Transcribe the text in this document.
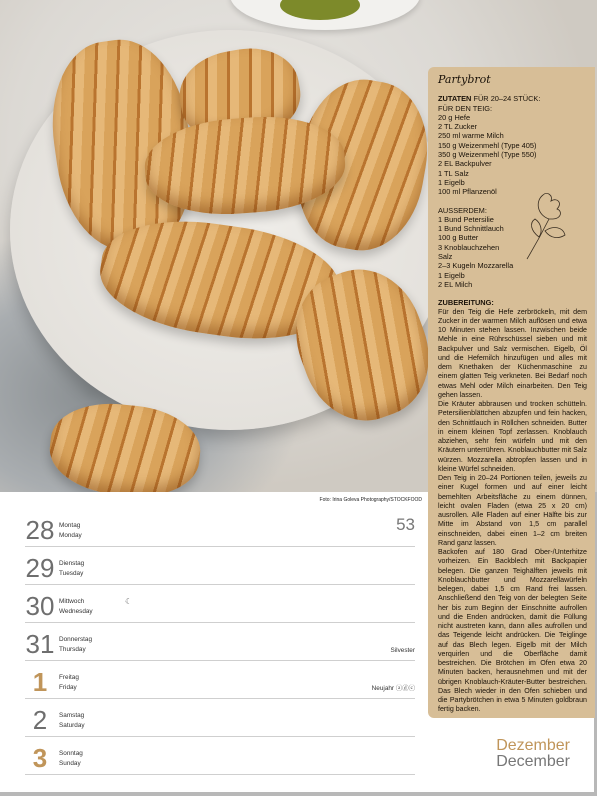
Foto: Irina Goleva Photography/STOCKFOOD
Partybrot
ZUTATEN FÜR 20–24 STÜCK:
FÜR DEN TEIG:
20 g Hefe
2 TL Zucker
250 ml warme Milch
150 g Weizenmehl (Type 405)
350 g Weizenmehl (Type 550)
2 EL Backpulver
1 TL Salz
1 Eigelb
100 ml Pflanzenöl
AUSSERDEM:
1 Bund Petersilie
1 Bund Schnittlauch
100 g Butter
3 Knoblauchzehen
Salz
2–3 Kugeln Mozzarella
1 Eigelb
2 EL Milch
ZUBEREITUNG:
Für den Teig die Hefe zerbröckeln, mit dem Zucker in der warmen Milch auflösen und etwa 10 Minuten stehen lassen. Inzwischen beide Mehle in eine Rührschüssel sieben und mit Backpulver und Salz vermischen. Eigelb, Öl und die Hefemilch hinzufügen und alles mit dem Knethaken der Küchenmaschine zu einem glatten Teig verkneten. Bei Bedarf noch etwas Mehl oder Milch einarbeiten. Den Teig gehen lassen.
Die Kräuter abbrausen und trocken schütteln. Petersilienblättchen abzupfen und fein hacken, den Schnittlauch in Röllchen schneiden. Butter in einem kleinen Topf zerlassen. Knoblauch abziehen, sehr fein würfeln und mit den Kräutern unterrühren. Knoblauchbutter mit Salz würzen. Mozzarella abtropfen lassen und in kleine Würfel schneiden.
Den Teig in 20–24 Portionen teilen, jeweils zu einer Kugel formen und auf einer leicht bemehlten Arbeitsfläche zu einem dünnen, leicht ovalen Fladen (etwa 25 x 20 cm) ausrollen. Alle Fladen auf einer Hälfte bis zur Mitte im Abstand von 1,5 cm parallel einschneiden, dabei einen 1–2 cm breiten Rand ganz lassen.
Backofen auf 180 Grad Ober-/Unterhitze vorheizen. Ein Backblech mit Backpapier belegen. Die ganzen Teighälften jeweils mit Knoblauchbutter und Mozzarellawürfeln belegen, dabei 1,5 cm Rand frei lassen. Anschließend den Teig von der belegten Seite her bis zum Beginn der Einschnitte aufrollen und die Enden andrücken, damit die Füllung nicht austreten kann, dann alles aufrollen und das Teigende leicht andrücken. Die Teiglinge auf das Blech legen. Eigelb mit der Milch verquirlen und die Oberfläche damit bestreichen. Die Brötchen im Ofen etwa 20 Minuten backen, herausnehmen und mit der übrigen Knoblauch-Kräuter-Butter bestreichen. Das Blech wieder in den Ofen schieben und die Partybrötchen in etwa 5 Minuten goldbraun fertig backen.
28 Montag
Monday
53
29 Dienstag
Tuesday
30 Mittwoch
Wednesday
☾
31 Donnerstag
Thursday	Silvester
1	Freitag
Friday	Neujahr ⓐⓓⓒ
2	Samstag
Saturday
3	Sonntag
Sunday
Dezember
December
